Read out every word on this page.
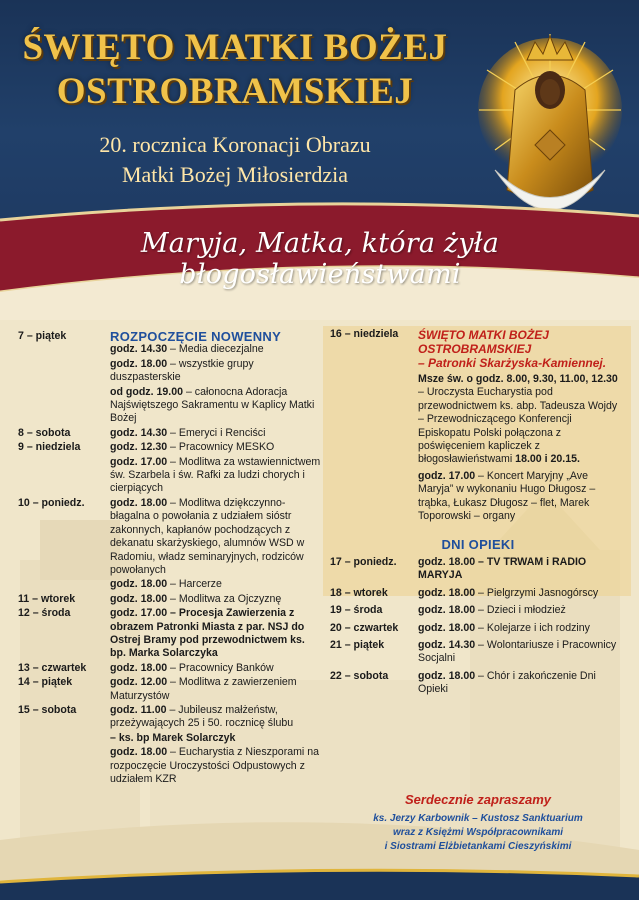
ŚWIĘTO MATKI BOŻEJ
OSTROBRAMSKIEJ
20. rocznica Koronacji Obrazu
Matki Bożej Miłosierdzia
Maryja, Matka, która żyła błogosławieństwami
7 – piątek	ROZPOCZĘCIE NOWENNY
godz. 14.30 – Media diecezjalne
godz. 18.00 – wszystkie grupy duszpasterskie
od godz. 19.00 – całonocna Adoracja Najświętszego Sakramentu w Kaplicy Matki Bożej
8 – sobota	godz. 14.30 – Emeryci i Renciści
9 – niedziela	godz. 12.30 – Pracownicy MESKO
godz. 17.00 – Modlitwa za wstawiennictwem św. Szarbela i św. Rafki za ludzi chorych i cierpiących
10 – poniedz.	godz. 18.00 – Modlitwa dziękczynno-błagalna o powołania z udziałem sióstr zakonnych, kapłanów pochodzących z dekanatu skarżyskiego, alumnów WSD w Radomiu, władz seminaryjnych, rodziców powołanych
godz. 18.00 – Harcerze
11 – wtorek	godz. 18.00 – Modlitwa za Ojczyznę
12 – środa	godz. 17.00 – Procesja Zawierzenia z obrazem Patronki Miasta z par. NSJ do Ostrej Bramy pod przewodnictwem ks. bp. Marka Solarczyka
13 – czwartek	godz. 18.00 – Pracownicy Banków
14 – piątek	godz. 12.00 – Modlitwa z zawierzeniem Maturzystów
15 – sobota	godz. 11.00 – Jubileusz małżeństw, przeżywających 25 i 50. rocznicę ślubu
– ks. bp Marek Solarczyk
godz. 18.00 – Eucharystia z Nieszporami na rozpoczęcie Uroczystości Odpustowych z udziałem KZR
16 – niedziela	ŚWIĘTO MATKI BOŻEJ OSTROBRAMSKIEJ
– Patronki Skarżyska-Kamiennej.
Msze św. o godz. 8.00, 9.30, 11.00, 12.30 – Uroczysta Eucharystia pod przewodnictwem ks. abp. Tadeusza Wojdy – Przewodniczącego Konferencji Episkopatu Polski połączona z poświęceniem kapliczek z błogosławieństwami 18.00 i 20.15.
godz. 17.00 – Koncert Maryjny „Ave Maryja” w wykonaniu Hugo Długosz – trąbka, Łukasz Długosz – flet, Marek Toporowski – organy
DNI OPIEKI
17 – poniedz.	godz. 18.00 – TV TRWAM i RADIO MARYJA
18 – wtorek	godz. 18.00 – Pielgrzymi Jasnogórscy
19 – środa	godz. 18.00 – Dzieci i młodzież
20 – czwartek	godz. 18.00 – Kolejarze i ich rodziny
21 – piątek	godz. 14.30 – Wolontariusze i Pracownicy Socjalni
22 – sobota	godz. 18.00 – Chór i zakończenie Dni Opieki
Serdecznie zapraszamy
ks. Jerzy Karbownik – Kustosz Sanktuarium
wraz z Księżmi Współpracownikami
i Siostrami Elżbietankami Cieszyńskimi
